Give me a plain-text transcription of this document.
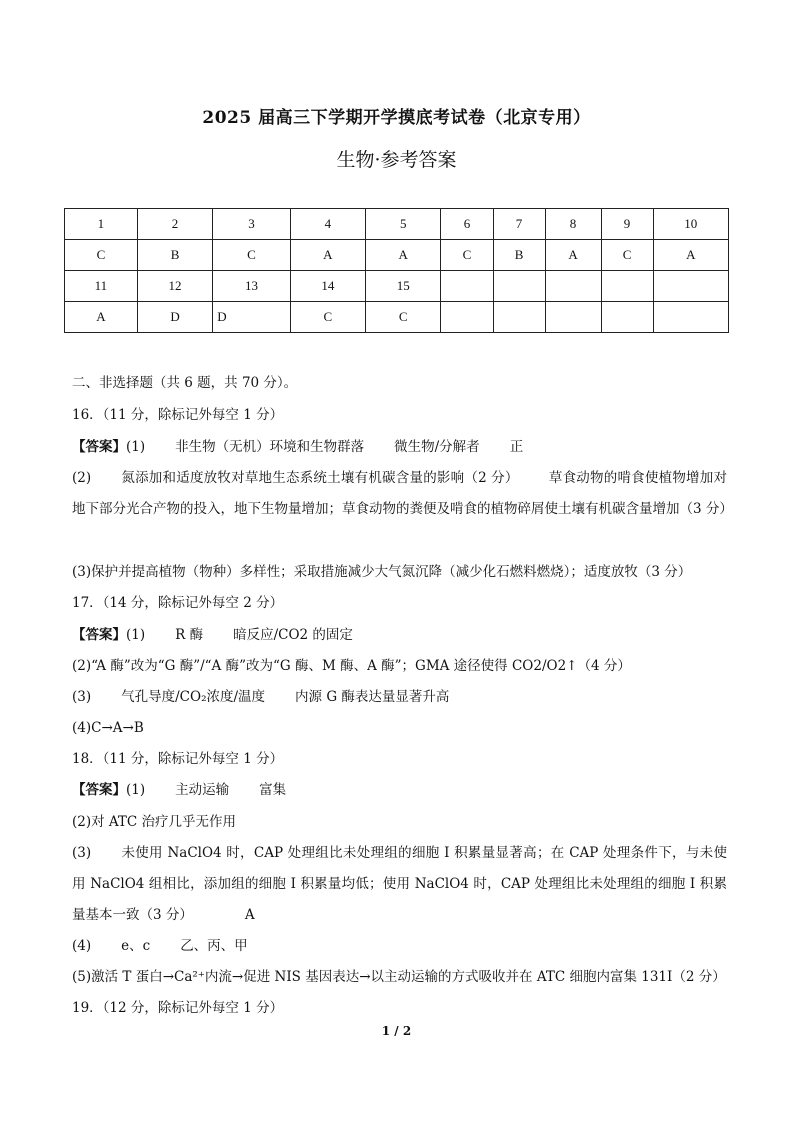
2025 届高三下学期开学摸底考试卷（北京专用）
生物·参考答案
1	2	3	4	5	6	7	8	9	10
C	B	C	A	A	C	B	A	C	A
11	12	13	14	15					
A	D	D	C	C					
二、非选择题（共 6 题，共 70 分）。
16．（11 分，除标记外每空 1 分）
【答案】(1) 非生物（无机）环境和生物群落 微生物/分解者 正
(2) 氮添加和适度放牧对草地生态系统土壤有机碳含量的影响（2 分） 草食动物的啃食使植物增加对地下部分光合产物的投入，地下生物量增加；草食动物的粪便及啃食的植物碎屑使土壤有机碳含量增加（3 分）
(3)保护并提高植物（物种）多样性；采取措施减少大气氮沉降（减少化石燃料燃烧）；适度放牧（3 分）
17．（14 分，除标记外每空 2 分）
【答案】(1) R 酶 暗反应/CO2 的固定
(2)“A 酶”改为“G 酶”/“A 酶”改为“G 酶、M 酶、A 酶”；GMA 途径使得 CO2/O2↑（4 分）
(3) 气孔导度/CO₂浓度/温度 内源 G 酶表达量显著升高
(4)C→A→B
18．（11 分，除标记外每空 1 分）
【答案】(1) 主动运输 富集
(2)对 ATC 治疗几乎无作用
(3) 未使用 NaClO4 时，CAP 处理组比未处理组的细胞 I 积累量显著高；在 CAP 处理条件下，与未使用 NaClO4 组相比，添加组的细胞 I 积累量均低；使用 NaClO4 时，CAP 处理组比未处理组的细胞 I 积累量基本一致（3 分）	A
(4) e、c 乙、丙、甲
(5)激活 T 蛋白→Ca²⁺内流→促进 NIS 基因表达→以主动运输的方式吸收并在 ATC 细胞内富集 131I（2 分）
19．（12 分，除标记外每空 1 分）
1 / 2
